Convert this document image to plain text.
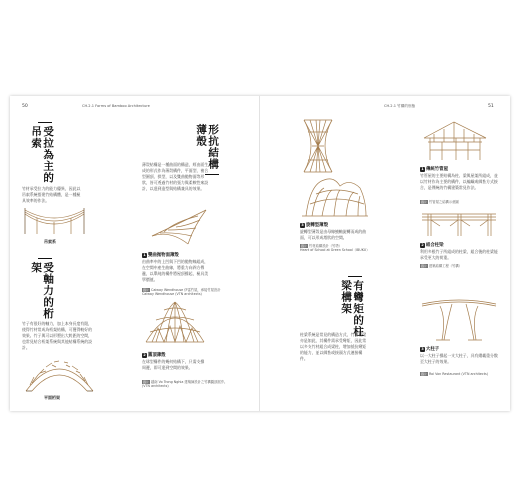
50	CH.2.1 Forms of Bamboo Architecture
受拉為主的吊索
竹材承受拉力的能力優異，因此以吊索系統搭建竹結構體，是一種極具效率的作法。
吊索系
受軸力的桁架
竹子有很好的軸力，加上本身長度有限，使得竹材常成為桁架結構，可獲得較好的效果。竹子與可以形塑出大跨距的空間，也常見結合桁架系統與其他結構系統的設計。
平面桁架
形抗結構薄殼
薄殼結構是一種曲面的構造，經由面生成的形式作為薄殼構件，平面型、複合型圓頂、拱型，以及雙曲拋物面等形狀，皆可透過竹材的張力與柔軟性來設計，以達到造型與結構兼具的效果。
1 雙曲拋物面薄殼
由曲率中的上凹與下凹的拋物線組成，在空間中產生曲線，將重力向四方傳遞，以單純的構件將屋頂撐起，極具美學價值。
圖片 Caiway Wendhouse 伊雷竹屋，承接竹屋設計
Caiway Wendhouse (VTN architects)
2 圓頂薄殼
在球型構件的幾何結構下，只需支撐周邊，即可達到空間的效果。
圖片 越南 Vo Trong Nghia 建築師設計之竹構圓頂展亭。
(VTN architects)
CH.2.1 竹構的形態	51
3 旋轉型薄殼
旋轉型薄殼是由母線繞軸旋轉而成的曲面，可以形成塔狀的空間。
圖片 竹材結構設計（竹塔）
Heart of School at Green School（IBUKU）
有彎矩的柱梁構架
柱梁系統是常見的構造方式，竹構柱梁亦是如此，其構件需承受彎矩，因此常以多支竹材組合成梁柱，增加抵抗彎矩的能力，並以綁紮或接頭方式連接構件。
1 傳統竹管屋
竹管屋的主要結構為柱、梁與屋架所組成，並以竹材作為主要的構件，以編織或綁紮方式接合，是傳統的竹構建築常見作法。
圖片 竹管屋之結構示意圖
2 組合柱梁
利用多根竹子所組成的柱梁，組合後的柱梁能承受更大的荷重。
圖片 建築結構工程（竹構）
3 大柱子
以一大柱子撐起一支大柱子，具有總載重分散至大柱子的效果。
圖片 Roi Von Restaurant (VTN architects)
